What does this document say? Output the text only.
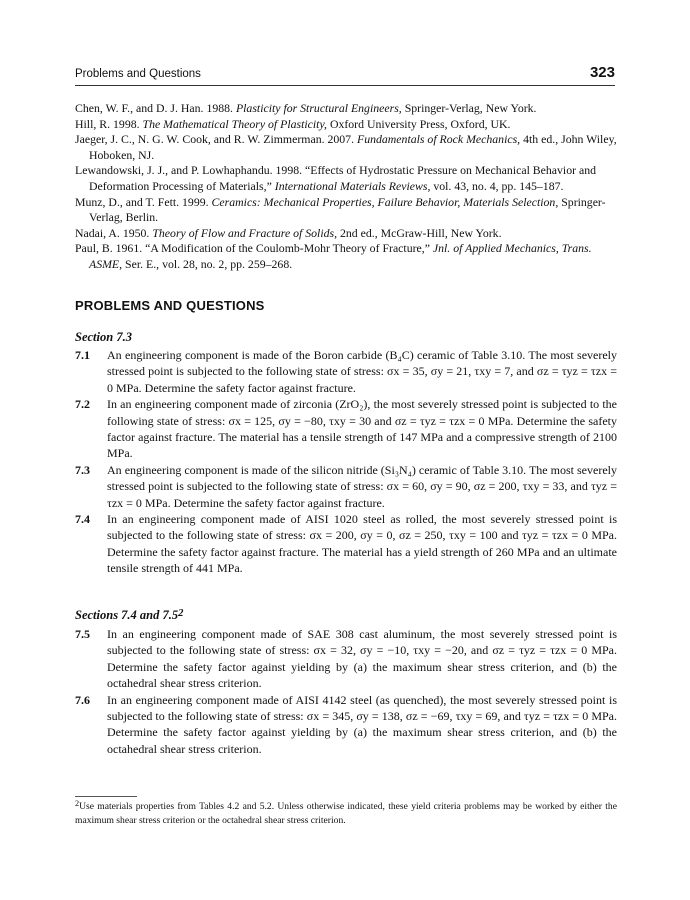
Problems and Questions	323

Chen, W. F., and D. J. Han. 1988. Plasticity for Structural Engineers, Springer-Verlag, New York.

Hill, R. 1998. The Mathematical Theory of Plasticity, Oxford University Press, Oxford, UK.

Jaeger, J. C., N. G. W. Cook, and R. W. Zimmerman. 2007. Fundamentals of Rock Mechanics, 4th ed., John Wiley, Hoboken, NJ.

Lewandowski, J. J., and P. Lowhaphandu. 1998. “Effects of Hydrostatic Pressure on Mechanical Behavior and Deformation Processing of Materials,” International Materials Reviews, vol. 43, no. 4, pp. 145–187.

Munz, D., and T. Fett. 1999. Ceramics: Mechanical Properties, Failure Behavior, Materials Selection, Springer-Verlag, Berlin.

Nadai, A. 1950. Theory of Flow and Fracture of Solids, 2nd ed., McGraw-Hill, New York.

Paul, B. 1961. “A Modification of the Coulomb-Mohr Theory of Fracture,” Jnl. of Applied Mechanics, Trans. ASME, Ser. E., vol. 28, no. 2, pp. 259–268.

PROBLEMS AND QUESTIONS
Section 7.3
7.1	An engineering component is made of the Boron carbide (B₄C) ceramic of Table 3.10. The most severely stressed point is subjected to the following state of stress: σx = 35, σy = 21, τxy = 7, and σz = τyz = τzx = 0 MPa. Determine the safety factor against fracture.
7.2	In an engineering component made of zirconia (ZrO₂), the most severely stressed point is subjected to the following state of stress: σx = 125, σy = −80, τxy = 30 and σz = τyz = τzx = 0 MPa. Determine the safety factor against fracture. The material has a tensile strength of 147 MPa and a compressive strength of 2100 MPa.
7.3	An engineering component is made of the silicon nitride (Si₃N₄) ceramic of Table 3.10. The most severely stressed point is subjected to the following state of stress: σx = 60, σy = 90, σz = 200, τxy = 33, and τyz = τzx = 0 MPa. Determine the safety factor against fracture.
7.4	In an engineering component made of AISI 1020 steel as rolled, the most severely stressed point is subjected to the following state of stress: σx = 200, σy = 0, σz = 250, τxy = 100 and τyz = τzx = 0 MPa. Determine the safety factor against fracture. The material has a yield strength of 260 MPa and an ultimate tensile strength of 441 MPa.
Sections 7.4 and 7.5$^2$
7.5	In an engineering component made of SAE 308 cast aluminum, the most severely stressed point is subjected to the following state of stress: σx = 32, σy = −10, τxy = −20, and σz = τyz = τzx = 0 MPa. Determine the safety factor against yielding by (a) the maximum shear stress criterion, and (b) the octahedral shear stress criterion.
7.6	In an engineering component made of AISI 4142 steel (as quenched), the most severely stressed point is subjected to the following state of stress: σx = 345, σy = 138, σz = −69, τxy = 69, and τyz = τzx = 0 MPa. Determine the safety factor against yielding by (a) the maximum shear stress criterion, and (b) the octahedral shear stress criterion.
$^2$Use materials properties from Tables 4.2 and 5.2. Unless otherwise indicated, these yield criteria problems may be worked by either the maximum shear stress criterion or the octahedral shear stress criterion.
